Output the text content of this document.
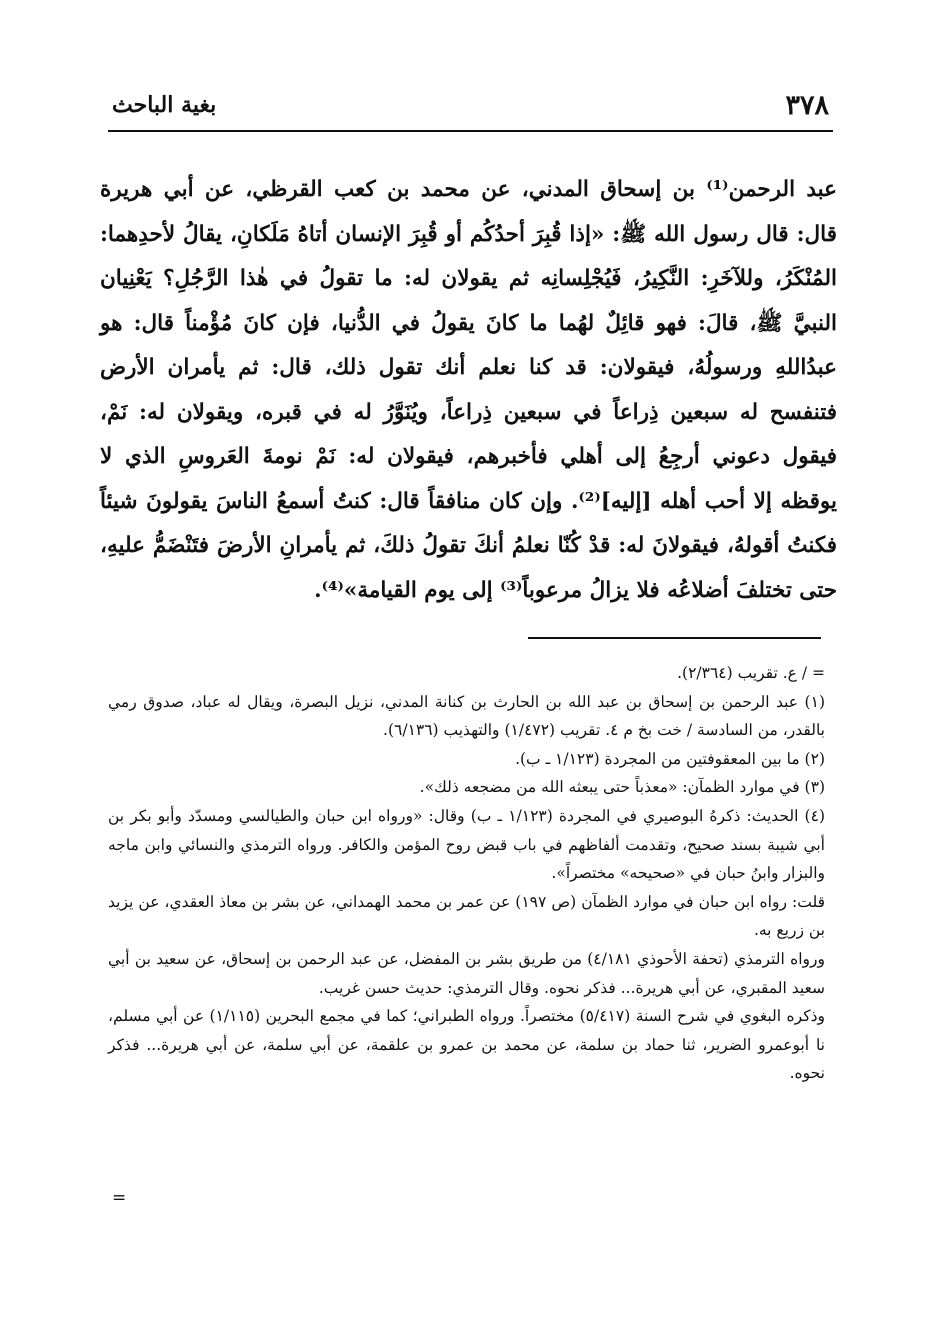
٣٧٨
بغية الباحث

عبد الرحمن⁽¹⁾ بن إسحاق المدني، عن محمد بن كعب القرظي، عن أبي هريرة قال: قال رسول الله ﷺ: «إذا قُبِرَ أحدُكُم أو قُبِرَ الإنسان أتاهُ مَلَكانِ، يقالُ لأحدِهما: المُنْكَرُ، وللآخَرِ: النَّكِيرُ، فَيُجْلِسانِه ثم يقولان له: ما تقولُ في هٰذا الرَّجُلِ؟ يَعْنِيان النبيَّ ﷺ، قالَ: فهو قائِلٌ لهُما ما كانَ يقولُ في الدُّنيا، فإن كانَ مُؤْمناً قال: هو عبدُاللهِ ورسولُهُ، فيقولان: قد كنا نعلم أنك تقول ذلك، قال: ثم يأمران الأرض فتنفسح له سبعين ذِراعاً في سبعين ذِراعاً، ويُنَوَّرُ له في قبره، ويقولان له: نَمْ، فيقول دعوني أرجِعُ إلى أهلي فأخبرهم، فيقولان له: نَمْ نومةَ العَروسِ الذي لا يوقظه إلا أحب أهله [إليه]⁽²⁾. وإن كان منافقاً قال: كنتُ أسمعُ الناسَ يقولونَ شيئاً فكنتُ أقولهُ، فيقولانَ له: قدْ كُنّا نعلمُ أنكَ تقولُ ذلكَ، ثم يأمرانِ الأرضَ فتَنْضَمُّ عليهِ، حتى تختلفَ أضلاعُه فلا يزالُ مرعوباً⁽³⁾ إلى يوم القيامة»⁽⁴⁾.

= / ع. تقريب (٢/٣٦٤).

(١) عبد الرحمن بن إسحاق بن عبد الله بن الحارث بن كنانة المدني، نزيل البصرة، ويقال له عباد، صدوق رمي بالقدر، من السادسة / خت بخ م ٤. تقريب (١/٤٧٢) والتهذيب (٦/١٣٦).

(٢) ما بين المعقوفتين من المجردة (١/١٢٣ ـ ب).

(٣) في موارد الظمآن: «معذباً حتى يبعثه الله من مضجعه ذلك».

(٤) الحديث: ذكرهُ البوصيري في المجردة (١/١٢٣ ـ ب) وقال: «ورواه ابن حبان والطيالسي ومسدّد وأبو بكر بن أبي شيبة بسند صحيح، وتقدمت ألفاظهم في باب قبض روح المؤمن والكافر. ورواه الترمذي والنسائي وابن ماجه والبزار وابنُ حبان في «صحيحه» مختصراً».

قلت: رواه ابن حبان في موارد الظمآن (ص ١٩٧) عن عمر بن محمد الهمداني، عن بشر بن معاذ العقدي، عن يزيد بن زريع به.

ورواه الترمذي (تحفة الأحوذي ٤/١٨١) من طريق بشر بن المفضل، عن عبد الرحمن بن إسحاق، عن سعيد بن أبي سعيد المقبري، عن أبي هريرة... فذكر نحوه. وقال الترمذي: حديث حسن غريب.

وذكره البغوي في شرح السنة (٥/٤١٧) مختصراً. ورواه الطبراني؛ كما في مجمع البحرين (١/١١٥) عن أبي مسلم، نا أبوعمرو الضرير، ثنا حماد بن سلمة، عن محمد بن عمرو بن علقمة، عن أبي سلمة، عن أبي هريرة... فذكر نحوه.

=
